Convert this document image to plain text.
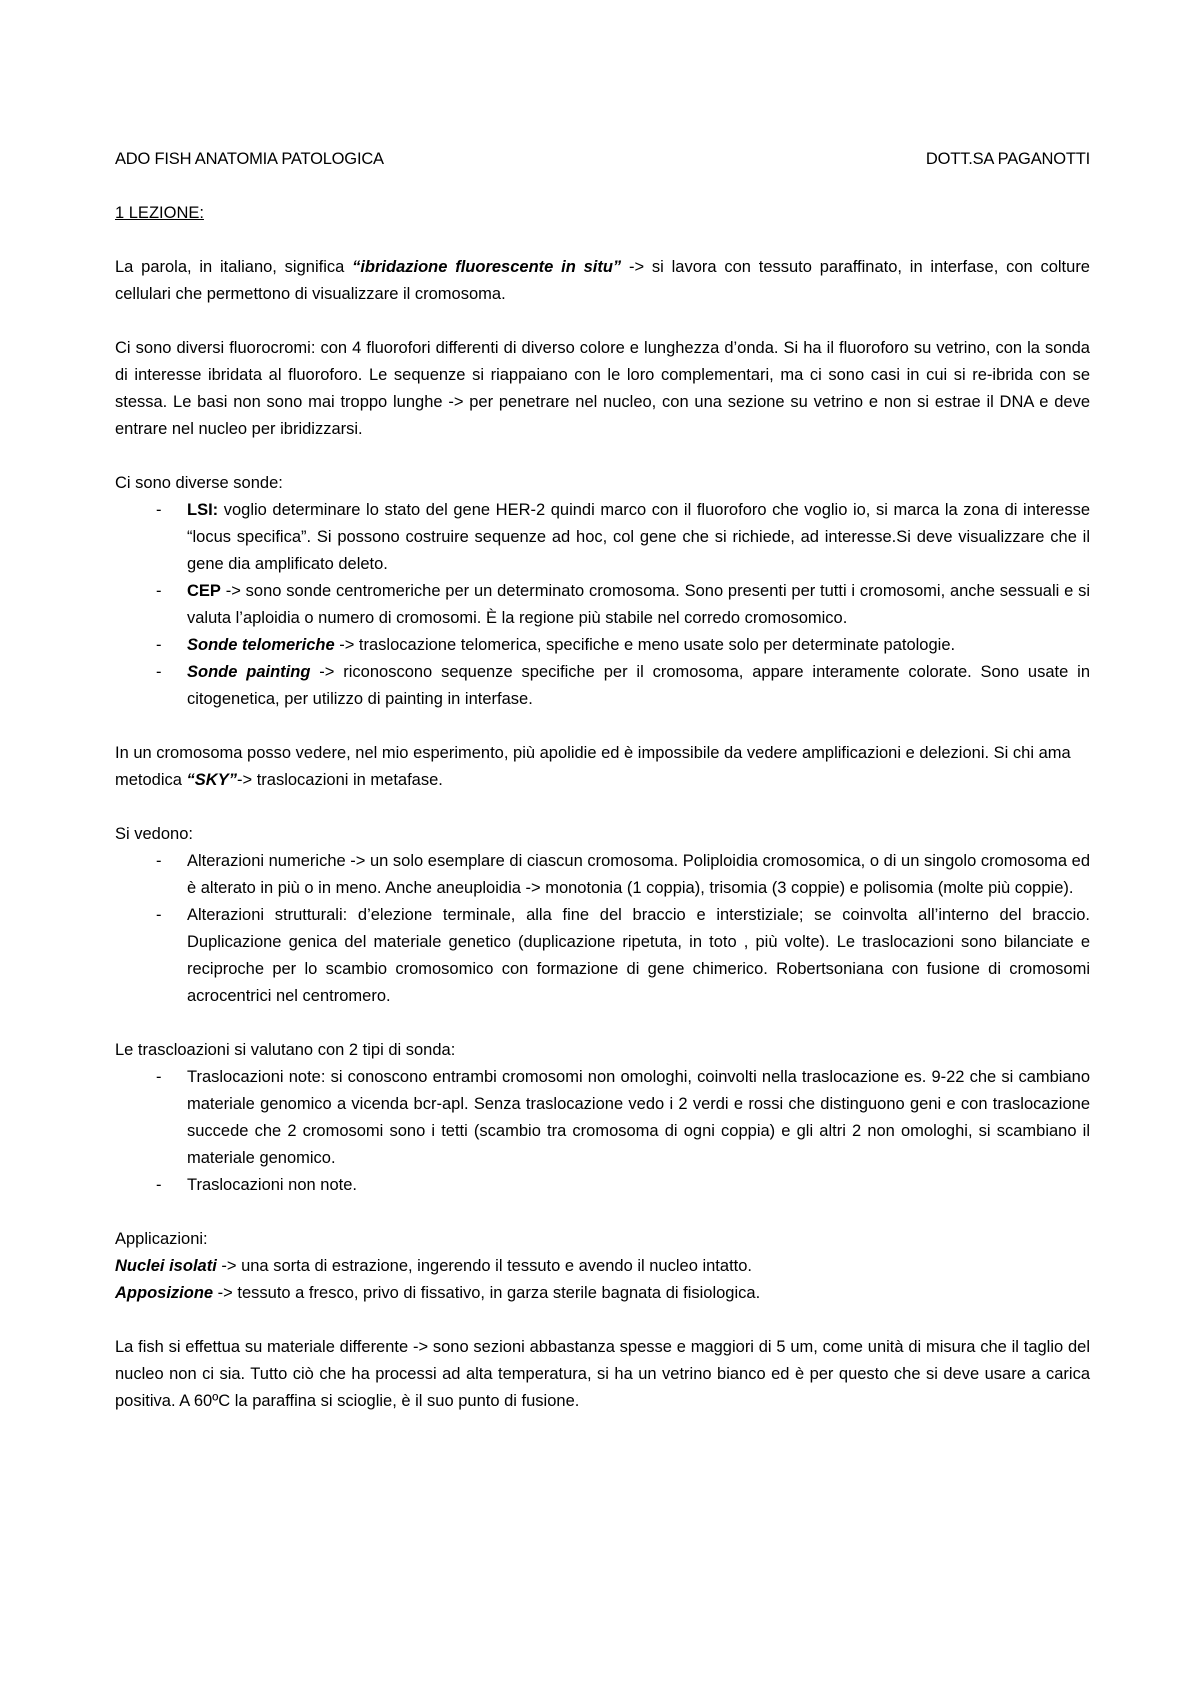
ADO FISH ANATOMIA PATOLOGICA	DOTT.SA PAGANOTTI
1 LEZIONE:

La parola, in italiano, significa “ibridazione fluorescente in situ” -> si lavora con tessuto paraffinato, in interfase, con colture cellulari che permettono di visualizzare il cromosoma.

Ci sono diversi fluorocromi: con 4 fluorofori differenti di diverso colore e lunghezza d’onda. Si ha il fluoroforo su vetrino, con la sonda di interesse ibridata al fluoroforo. Le sequenze si riappaiano con le loro complementari, ma ci sono casi in cui si re-ibrida con se stessa. Le basi non sono mai troppo lunghe -> per penetrare nel nucleo, con una sezione su vetrino e non si estrae il DNA e deve entrare nel nucleo per ibridizzarsi.

Ci sono diverse sonde:
- LSI: voglio determinare lo stato del gene HER-2 quindi marco con il fluoroforo che voglio io, si marca la zona di interesse “locus specifica”. Si possono costruire sequenze ad hoc, col gene che si richiede, ad interesse.Si deve visualizzare che il gene dia amplificato deleto.
- CEP -> sono sonde centromeriche per un determinato cromosoma. Sono presenti per tutti i cromosomi, anche sessuali e si valuta l’aploidia o numero di cromosomi. È la regione più stabile nel corredo cromosomico.
- Sonde telomeriche -> traslocazione telomerica, specifiche e meno usate solo per determinate patologie.
- Sonde painting -> riconoscono sequenze specifiche per il cromosoma, appare interamente colorate. Sono usate in citogenetica, per utilizzo di painting in interfase.

In un cromosoma posso vedere, nel mio esperimento, più apolidie ed è impossibile da vedere amplificazioni e delezioni. Si chi ama metodica “SKY”-> traslocazioni in metafase.

Si vedono:
- Alterazioni numeriche -> un solo esemplare di ciascun cromosoma. Poliploidia cromosomica, o di un singolo cromosoma ed è alterato in più o in meno. Anche aneuploidia -> monotonia (1 coppia), trisomia (3 coppie) e polisomia (molte più coppie).
- Alterazioni strutturali: d’elezione terminale, alla fine del braccio e interstiziale; se coinvolta all’interno del braccio. Duplicazione genica del materiale genetico (duplicazione ripetuta, in toto , più volte). Le traslocazioni sono bilanciate e reciproche per lo scambio cromosomico con formazione di gene chimerico. Robertsoniana con fusione di cromosomi acrocentrici nel centromero.
Le trascloazioni si valutano con 2 tipi di sonda:
- Traslocazioni note: si conoscono entrambi cromosomi non omologhi, coinvolti nella traslocazione es. 9-22 che si cambiano materiale genomico a vicenda bcr-apl. Senza traslocazione vedo i 2 verdi e rossi che distinguono geni e con traslocazione succede che 2 cromosomi sono i tetti (scambio tra cromosoma di ogni coppia) e gli altri 2 non omologhi, si scambiano il materiale genomico.
- Traslocazioni non note.
Applicazioni:
Nuclei isolati -> una sorta di estrazione, ingerendo il tessuto e avendo il nucleo intatto.
Apposizione -> tessuto a fresco, privo di fissativo, in garza sterile bagnata di fisiologica.

La fish si effettua su materiale differente -> sono sezioni abbastanza spesse e maggiori di 5 um, come unità di misura che il taglio del nucleo non ci sia. Tutto ciò che ha processi ad alta temperatura, si ha un vetrino bianco ed è per questo che si deve usare a carica positiva. A 60ºC la paraffina si scioglie, è il suo punto di fusione.
